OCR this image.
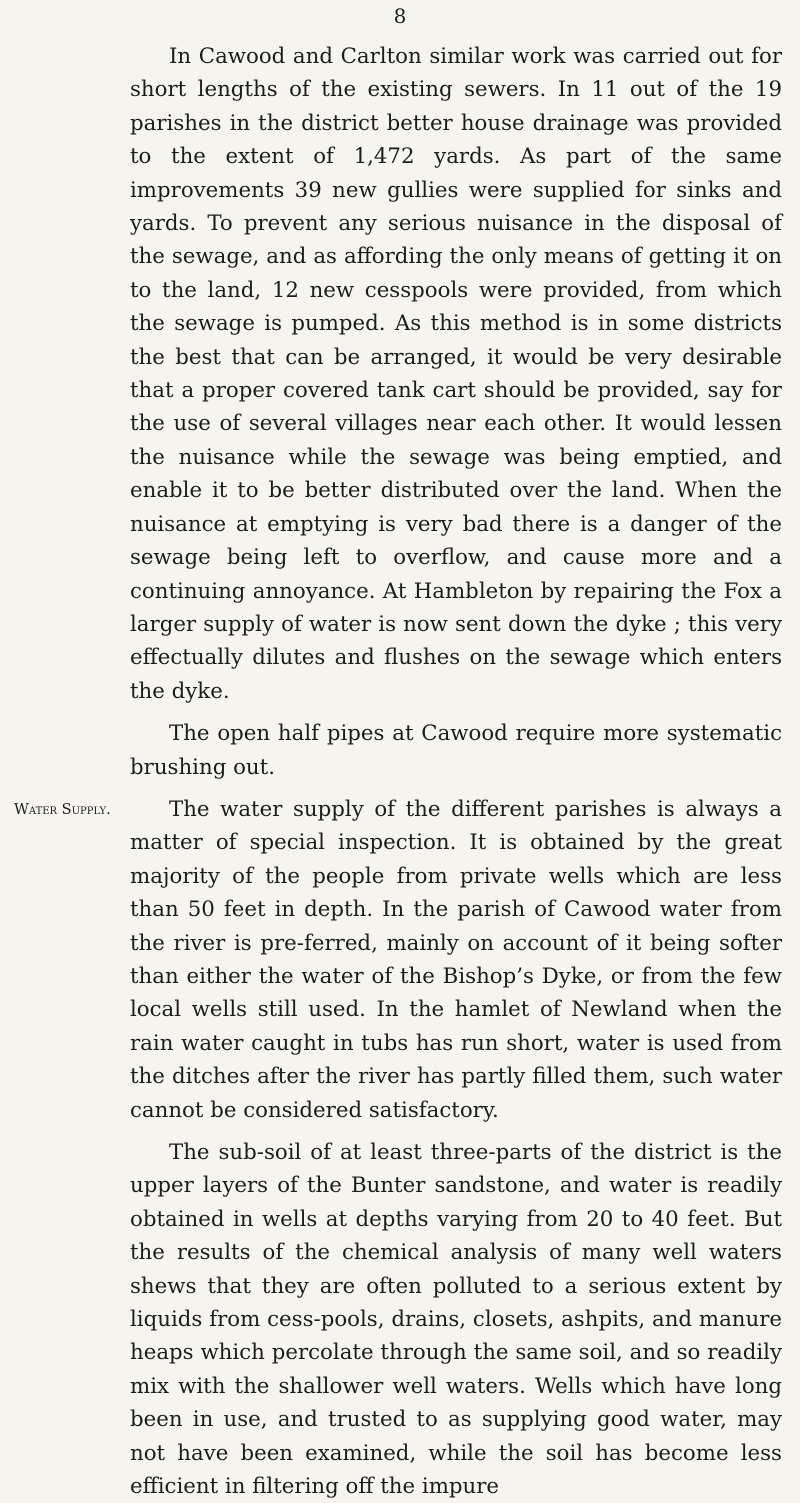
8

In Cawood and Carlton similar work was carried out for short lengths of the existing sewers. In 11 out of the 19 parishes in the district better house drainage was provided to the extent of 1,472 yards. As part of the same improvements 39 new gullies were supplied for sinks and yards. To prevent any serious nuisance in the disposal of the sewage, and as affording the only means of getting it on to the land, 12 new cesspools were provided, from which the sewage is pumped. As this method is in some districts the best that can be arranged, it would be very desirable that a proper covered tank cart should be provided, say for the use of several villages near each other. It would lessen the nuisance while the sewage was being emptied, and enable it to be better distributed over the land. When the nuisance at emptying is very bad there is a danger of the sewage being left to overflow, and cause more and a continuing annoyance. At Hambleton by repairing the Fox a larger supply of water is now sent down the dyke ; this very effectually dilutes and flushes on the sewage which enters the dyke.

The open half pipes at Cawood require more systematic brushing out.

The water supply of the different parishes is always a matter of special inspection. It is obtained by the great majority of the people from private wells which are less than 50 feet in depth. In the parish of Cawood water from the river is pre-ferred, mainly on account of it being softer than either the water of the Bishop’s Dyke, or from the few local wells still used. In the hamlet of Newland when the rain water caught in tubs has run short, water is used from the ditches after the river has partly filled them, such water cannot be considered satisfactory.

The sub-soil of at least three-parts of the district is the upper layers of the Bunter sandstone, and water is readily obtained in wells at depths varying from 20 to 40 feet. But the results of the chemical analysis of many well waters shews that they are often polluted to a serious extent by liquids from cess-pools, drains, closets, ashpits, and manure heaps which percolate through the same soil, and so readily mix with the shallower well waters. Wells which have long been in use, and trusted to as supplying good water, may not have been examined, while the soil has become less efficient in filtering off the impure

Water Supply.
